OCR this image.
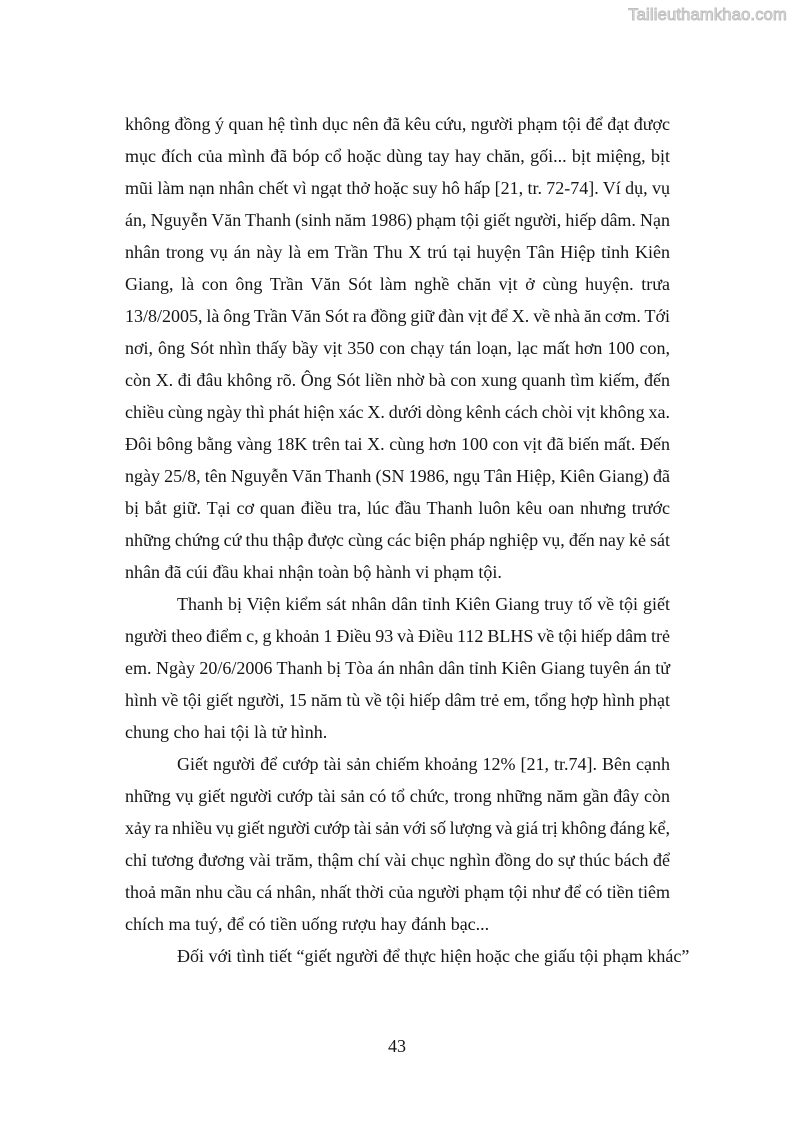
Tailieuthamkhao.com
không đồng ý quan hệ tình dục nên đã kêu cứu, người phạm tội để đạt được
mục đích của mình đã bóp cổ hoặc dùng tay hay chăn, gối... bịt miệng, bịt
mũi làm nạn nhân chết vì ngạt thở hoặc suy hô hấp [21, tr. 72-74]. Ví dụ, vụ
án, Nguyễn Văn Thanh (sinh năm 1986) phạm tội giết người, hiếp dâm. Nạn
nhân trong vụ án này là em Trần Thu X trú tại huyện Tân Hiệp tỉnh Kiên
Giang, là con ông Trần Văn Sót làm nghề chăn vịt ở cùng huyện. trưa
13/8/2005, là ông Trần Văn Sót ra đồng giữ đàn vịt để X. về nhà ăn cơm. Tới
nơi, ông Sót nhìn thấy bầy vịt 350 con chạy tán loạn, lạc mất hơn 100 con,
còn X. đi đâu không rõ. Ông Sót liền nhờ bà con xung quanh tìm kiếm, đến
chiều cùng ngày thì phát hiện xác X. dưới dòng kênh cách chòi vịt không xa.
Đôi bông bằng vàng 18K trên tai X. cùng hơn 100 con vịt đã biến mất. Đến
ngày 25/8, tên Nguyễn Văn Thanh (SN 1986, ngụ Tân Hiệp, Kiên Giang) đã
bị bắt giữ. Tại cơ quan điều tra, lúc đầu Thanh luôn kêu oan nhưng trước
những chứng cứ thu thập được cùng các biện pháp nghiệp vụ, đến nay kẻ sát
nhân đã cúi đầu khai nhận toàn bộ hành vi phạm tội.
Thanh bị Viện kiểm sát nhân dân tỉnh Kiên Giang truy tố về tội giết
người theo điểm c, g khoản 1 Điều 93 và Điều 112 BLHS về tội hiếp dâm trẻ
em. Ngày 20/6/2006 Thanh bị Tòa án nhân dân tỉnh Kiên Giang tuyên án tử
hình về tội giết người, 15 năm tù về tội hiếp dâm trẻ em, tổng hợp hình phạt
chung cho hai tội là tử hình.
Giết người để cướp tài sản chiếm khoảng 12% [21, tr.74]. Bên cạnh
những vụ giết người cướp tài sản có tổ chức, trong những năm gần đây còn
xảy ra nhiều vụ giết người cướp tài sản với số lượng và giá trị không đáng kể,
chỉ tương đương vài trăm, thậm chí vài chục nghìn đồng do sự thúc bách để
thoả mãn nhu cầu cá nhân, nhất thời của người phạm tội như để có tiền tiêm
chích ma tuý, để có tiền uống rượu hay đánh bạc...
Đối với tình tiết “giết người để thực hiện hoặc che giấu tội phạm khác”
43
